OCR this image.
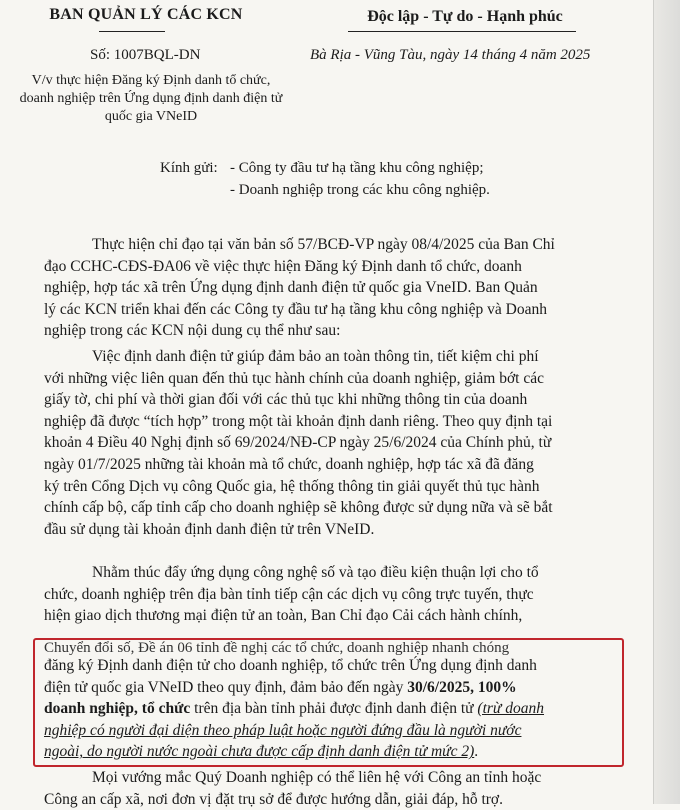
BAN QUẢN LÝ CÁC KCN
Số: 1007BQL-DN
V/v thực hiện Đăng ký Định danh tổ chức, doanh nghiệp trên Ứng dụng định danh điện tử quốc gia VNeID
Độc lập - Tự do - Hạnh phúc
Bà Rịa - Vũng Tàu, ngày 14 tháng 4 năm 2025
Kính gửi: - Công ty đầu tư hạ tầng khu công nghiệp;
- Doanh nghiệp trong các khu công nghiệp.
Thực hiện chỉ đạo tại văn bản số 57/BCĐ-VP ngày 08/4/2025 của Ban Chỉ
đạo CCHC-CĐS-ĐA06 về việc thực hiện Đăng ký Định danh tổ chức, doanh
nghiệp, hợp tác xã trên Ứng dụng định danh điện tử quốc gia VneID. Ban Quản
lý các KCN triển khai đến các Công ty đầu tư hạ tầng khu công nghiệp và Doanh
nghiệp trong các KCN nội dung cụ thể như sau:
Việc định danh điện tử giúp đảm bảo an toàn thông tin, tiết kiệm chi phí
với những việc liên quan đến thủ tục hành chính của doanh nghiệp, giảm bớt các
giấy tờ, chi phí và thời gian đối với các thủ tục khi những thông tin của doanh
nghiệp đã được “tích hợp” trong một tài khoản định danh riêng. Theo quy định tại
khoản 4 Điều 40 Nghị định số 69/2024/NĐ-CP ngày 25/6/2024 của Chính phủ, từ
ngày 01/7/2025 những tài khoản mà tổ chức, doanh nghiệp, hợp tác xã đã đăng
ký trên Cổng Dịch vụ công Quốc gia, hệ thống thông tin giải quyết thủ tục hành
chính cấp bộ, cấp tỉnh cấp cho doanh nghiệp sẽ không được sử dụng nữa và sẽ bắt
đầu sử dụng tài khoản định danh điện tử trên VNeID.
Nhằm thúc đẩy ứng dụng công nghệ số và tạo điều kiện thuận lợi cho tổ
chức, doanh nghiệp trên địa bàn tỉnh tiếp cận các dịch vụ công trực tuyến, thực
hiện giao dịch thương mại điện tử an toàn, Ban Chỉ đạo Cải cách hành chính,
Chuyển đổi số, Đề án 06 tỉnh đề nghị các tổ chức, doanh nghiệp nhanh chóng
đăng ký Định danh điện tử cho doanh nghiệp, tổ chức trên Ứng dụng định danh
điện tử quốc gia VNeID theo quy định, đảm bảo đến ngày 30/6/2025, 100%
doanh nghiệp, tổ chức trên địa bàn tỉnh phải được định danh điện tử (trừ doanh
nghiệp có người đại diện theo pháp luật hoặc người đứng đầu là người nước
ngoài, do người nước ngoài chưa được cấp định danh điện tử mức 2).
Mọi vướng mắc Quý Doanh nghiệp có thể liên hệ với Công an tỉnh hoặc
Công an cấp xã, nơi đơn vị đặt trụ sở để được hướng dẫn, giải đáp, hỗ trợ.
